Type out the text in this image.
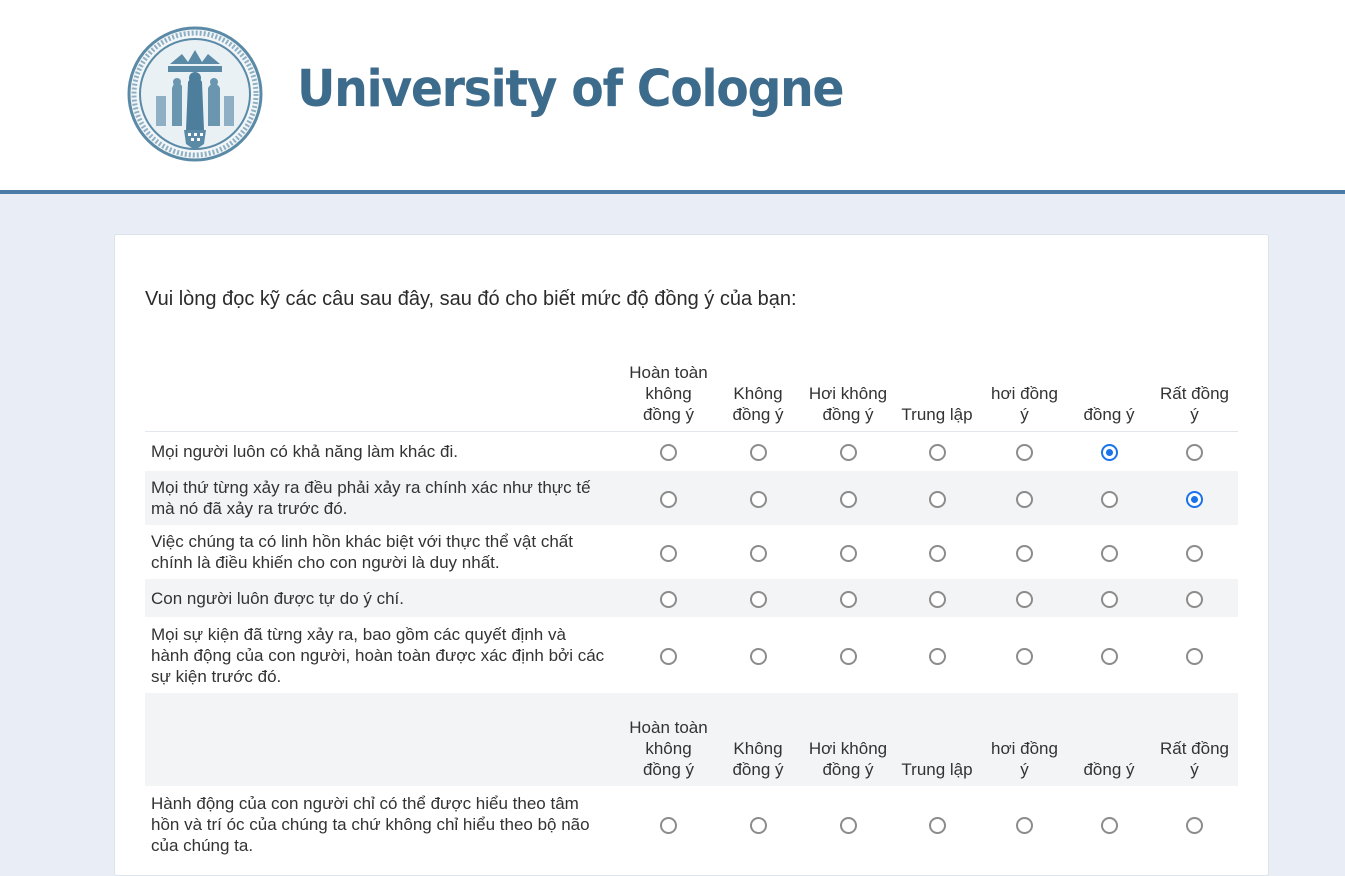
University of Cologne
Vui lòng đọc kỹ các câu sau đây, sau đó cho biết mức độ đồng ý của bạn:
	Hoàn toàn không đồng ý	Không đồng ý	Hơi không đồng ý	Trung lập	hơi đồng ý	đồng ý	Rất đồng ý
Mọi người luôn có khả năng làm khác đi.							
Mọi thứ từng xảy ra đều phải xảy ra chính xác như thực tế mà nó đã xảy ra trước đó.							
Việc chúng ta có linh hồn khác biệt với thực thể vật chất chính là điều khiến cho con người là duy nhất.							
Con người luôn được tự do ý chí.							
Mọi sự kiện đã từng xảy ra, bao gồm các quyết định và hành động của con người, hoàn toàn được xác định bởi các sự kiện trước đó.							
	Hoàn toàn không đồng ý	Không đồng ý	Hơi không đồng ý	Trung lập	hơi đồng ý	đồng ý	Rất đồng ý
Hành động của con người chỉ có thể được hiểu theo tâm hồn và trí óc của chúng ta chứ không chỉ hiểu theo bộ não của chúng ta.							
